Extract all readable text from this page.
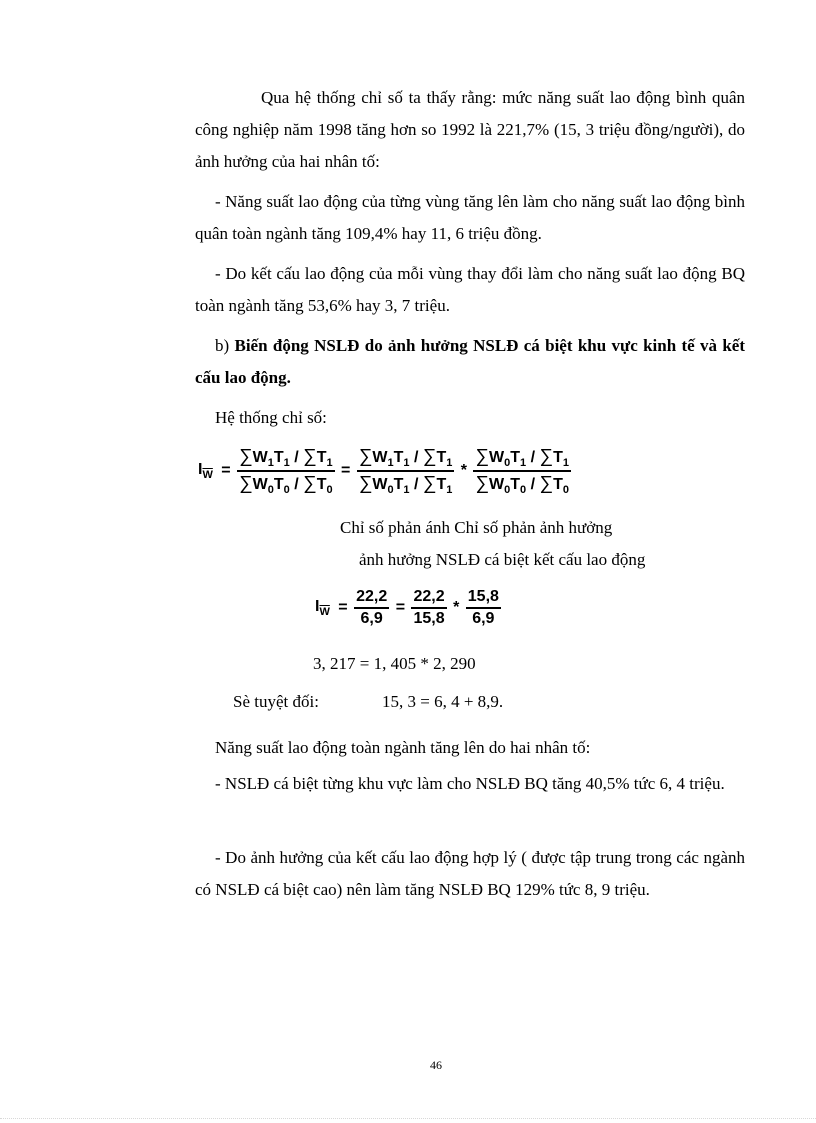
Qua hệ thống chỉ số ta thấy rằng: mức năng suất lao động bình quân công nghiệp năm 1998 tăng hơn so 1992 là 221,7% (15, 3 triệu đồng/người), do ảnh hưởng của hai nhân tố:

- Năng suất lao động của từng vùng tăng lên làm cho năng suất lao động bình quân toàn ngành tăng 109,4% hay 11, 6 triệu đồng.

- Do kết cấu lao động của mỗi vùng thay đổi làm cho năng suất lao động BQ toàn ngành tăng 53,6% hay 3, 7 triệu.

b) Biến động NSLĐ do ảnh hưởng NSLĐ cá biệt khu vực kinh tế và kết cấu lao động.

Hệ thống chỉ số:

$I_{\overline{W}} = \frac{\sum W_1T_1 / \sum T_1}{\sum W_0T_0 / \sum T_0} = \frac{\sum W_1T_1 / \sum T_1}{\sum W_0T_1 / \sum T_1} * \frac{\sum W_0T_1 / \sum T_1}{\sum W_0T_0 / \sum T_0}$
Chỉ số phản ánh Chỉ số phản ảnh hưởng
ảnh hưởng NSLĐ cá biệt kết cấu lao động
$I_{\overline{W}} = \frac{22,2}{6,9} = \frac{22,2}{15,8} * \frac{15,8}{6,9}$
3, 217 = 1, 405 * 2, 290
Sè tuyệt đối:	15, 3 = 6, 4 + 8,9.

Năng suất lao động toàn ngành tăng lên do hai nhân tố:

- NSLĐ cá biệt từng khu vực làm cho NSLĐ BQ tăng 40,5% tức 6, 4 triệu.

- Do ảnh hưởng của kết cấu lao động hợp lý ( được tập trung trong các ngành có NSLĐ cá biệt cao) nên làm tăng NSLĐ BQ 129% tức 8, 9 triệu.

46
